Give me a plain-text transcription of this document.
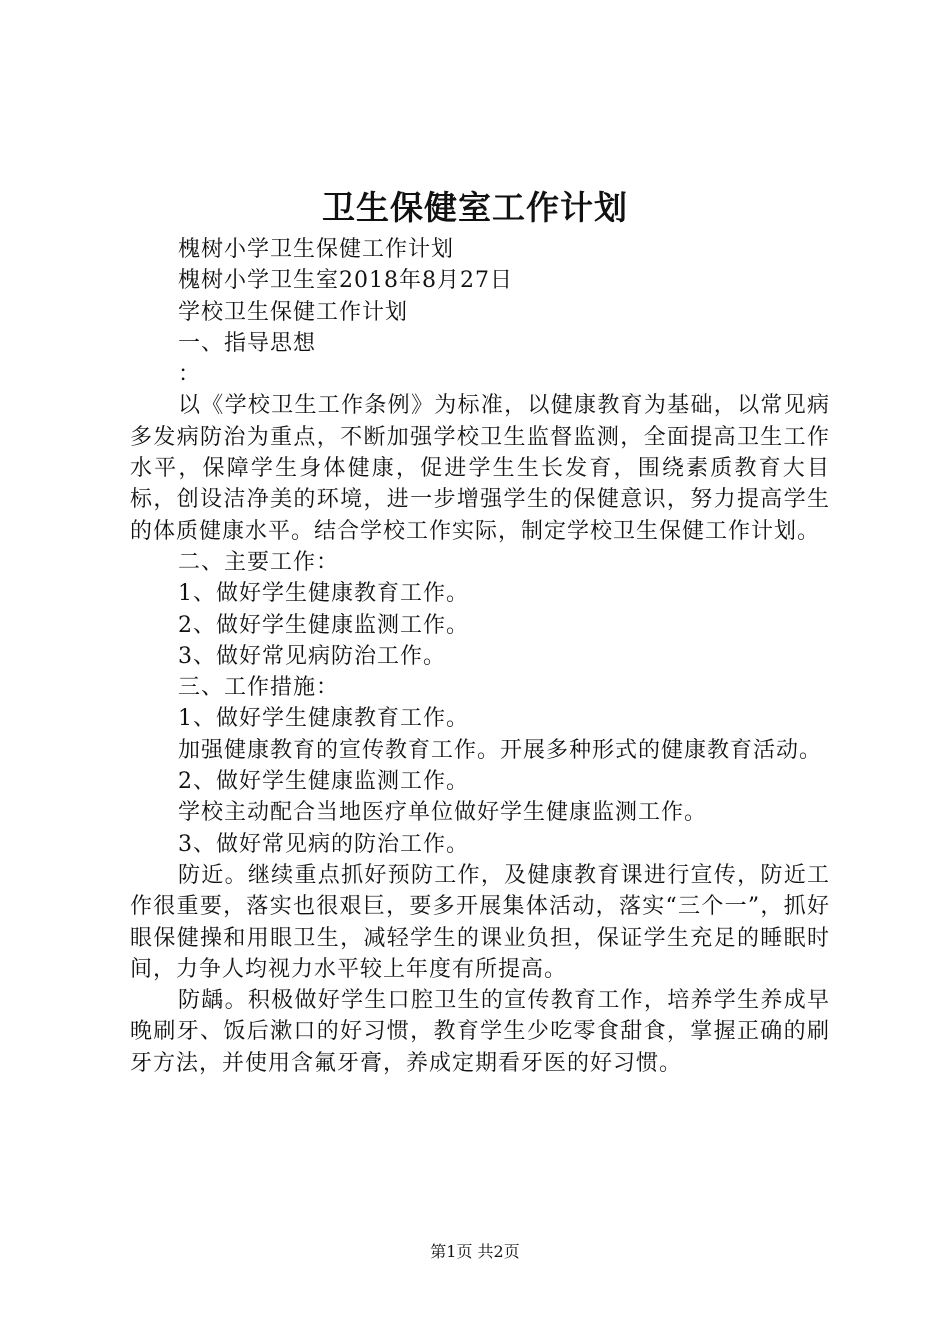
卫生保健室工作计划

槐树小学卫生保健工作计划

槐树小学卫生室2018年8月27日

学校卫生保健工作计划

一、指导思想

：

以《学校卫生工作条例》为标准，以健康教育为基础，以常见病多发病防治为重点，不断加强学校卫生监督监测，全面提高卫生工作水平，保障学生身体健康，促进学生生长发育，围绕素质教育大目标，创设洁净美的环境，进一步增强学生的保健意识，努力提高学生的体质健康水平。结合学校工作实际，制定学校卫生保健工作计划。

二、主要工作：

1、做好学生健康教育工作。

2、做好学生健康监测工作。

3、做好常见病防治工作。

三、工作措施：

1、做好学生健康教育工作。

加强健康教育的宣传教育工作。开展多种形式的健康教育活动。

2、做好学生健康监测工作。

学校主动配合当地医疗单位做好学生健康监测工作。

3、做好常见病的防治工作。

防近。继续重点抓好预防工作，及健康教育课进行宣传，防近工作很重要，落实也很艰巨，要多开展集体活动，落实“三个一”，抓好眼保健操和用眼卫生，减轻学生的课业负担，保证学生充足的睡眠时间，力争人均视力水平较上年度有所提高。

防龋。积极做好学生口腔卫生的宣传教育工作，培养学生养成早晚刷牙、饭后漱口的好习惯，教育学生少吃零食甜食，掌握正确的刷牙方法，并使用含氟牙膏，养成定期看牙医的好习惯。

第1页 共2页
